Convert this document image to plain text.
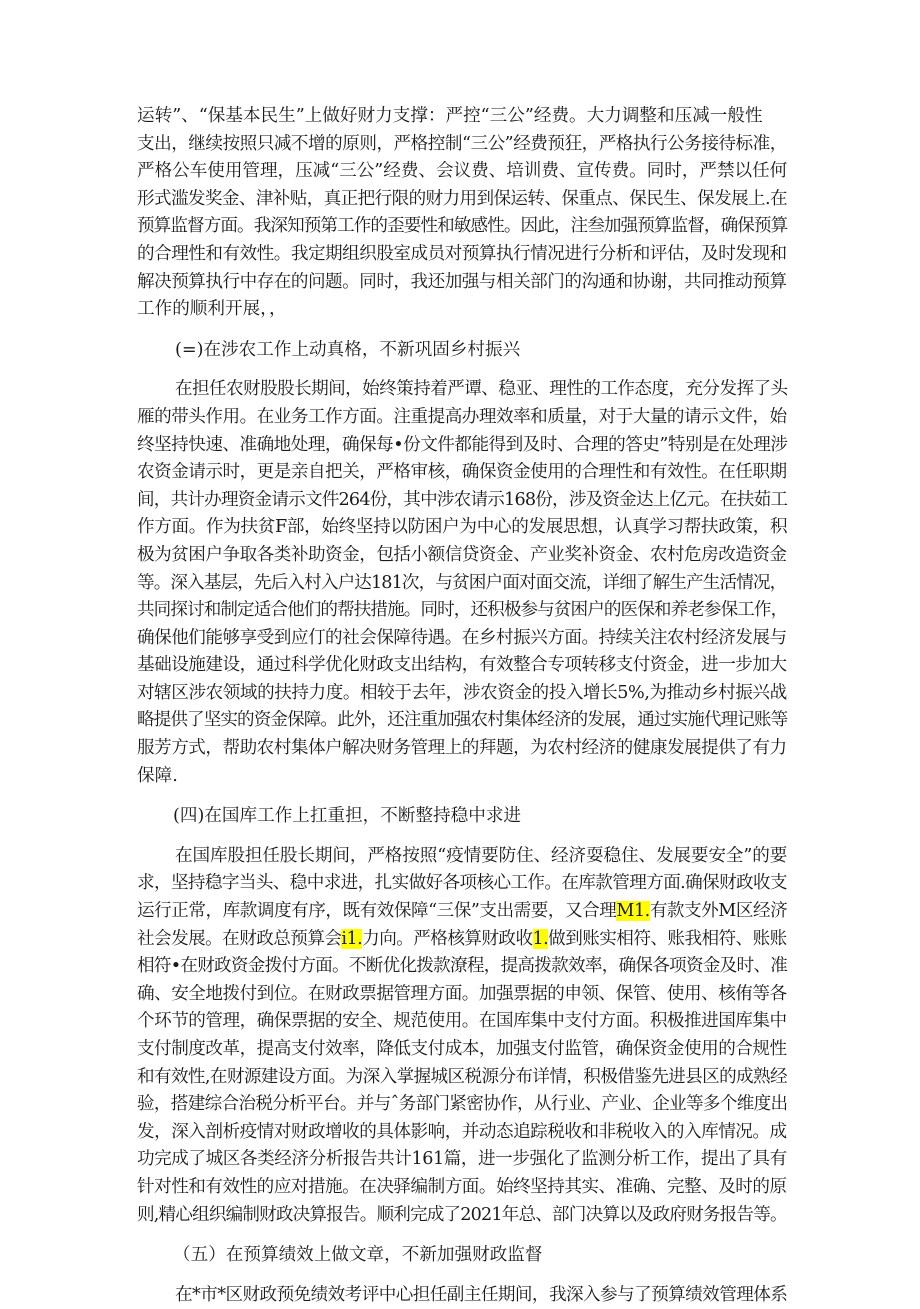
运转”、“保基本民生”上做好财力支撑：严控“三公”经费。大力调整和压减一般性
支出，继续按照只减不增的原则，严格控制“三公”经费预狂，严格执行公务接待标准，
严格公车使用管理，压减“三公”经费、会议费、培训费、宣传费。同时，严禁以任何
形式滥发奖金、津补贴，真正把行限的财力用到保运转、保重点、保民生、保发展上.在
预算监督方面。我深知预第工作的歪要性和敏感性。因此，注叁加强预算监督，确保预算
的合理性和有效性。我定期组织股室成员对预算执行情况进行分析和评估，及时发现和
解决预算执行中存在的问题。同时，我还加强与相关部门的沟通和协谢，共同推动预算
工作的顺利开展，，

(=)在涉农工作上动真格，不新巩固乡村振兴

在担任农财股股长期间，始终策持着严谭、稳亚、理性的工作态度，充分发挥了头
雁的带头作用。在业务工作方面。注重提高办理效率和质量，对于大量的请示文件，始
终坚持快速、准确地处理，确保每•份文件都能得到及时、合理的答史”特别是在处理涉
农资金请示时，更是亲自把关，严格审核，确保资金使用的合理性和有效性。在任职期
间，共计办理资金请示文件264份，其中涉农请示168份，涉及资金达上亿元。在扶茹工
作方面。作为扶贫F部，始终坚持以防困户为中心的发展思想，认真学习帮扶政策，积
极为贫困户争取各类补助资金，包括小额信贷资金、产业奖补资金、农村危房改造资金
等。深入基层，先后入村入户达181次，与贫困户面对面交流，详细了解生产生活情况，
共同探讨和制定适合他们的帮扶措施。同时，还积极参与贫困户的医保和养老参保工作，
确保他们能够享受到应仃的社会保障待遇。在乡村振兴方面。持续关注农村经济发展与
基础设施建设，通过科学优化财政支出结构，有效整合专项转移支付资金，进一步加大
对辖区涉农领域的扶持力度。相较于去年，涉农资金的投入增长5%,为推动乡村振兴战
略提供了坚实的资金保障。此外，还注重加强农村集体经济的发展，通过实施代理记账等
服芳方式，帮助农村集体户解决财务管理上的拜题，为农村经济的健康发展提供了有力
保障.

(四)在国库工作上扛重担，不断整持稳中求进

在国库股担任股长期间，严格按照“疫情要防住、经济耍稳住、发展要安全”的要
求，坚持稳字当头、稳中求进，扎实做好各项核心工作。在库款管理方面.确保财政收支
运行正常，库款调度有序，既有效保障“三保”支出需要，又合理M1.有款支外M区经济
社会发展。在财政总预算会i1.力向。严格核算财政收1.做到账实相符、账我相符、账账
相符•在财政资金拨付方面。不断优化拨款潦程，提高拨款效率，确保各项资金及时、准
确、安全地拨付到位。在财政票据管理方面。加强票据的申领、保管、使用、核侑等各
个环节的管理，确保票据的安全、规范使用。在国库集中支付方面。积极推进国库集中
支付制度改革，提高支付效率，降低支付成本，加强支付监管，确保资金使用的合规性
和有效性,在财源建设方面。为深入掌握城区税源分布详情，积极借鉴先进县区的成熟经
验，搭建综合治税分析平台。并与ˆ务部门紧密协作，从行业、产业、企业等多个维度出
发，深入剖析疫情对财政增收的具体影响，并动态追踪税收和非税收入的入库情况。成
功完成了城区各类经济分析报告共计161篇，进一步强化了监测分析工作，提出了具有
针对性和有效性的应对措施。在决驿编制方面。始终坚持其实、准确、完整、及时的原
则,精心组织编制财政决算报告。顺利完成了2021年总、部门决算以及政府财务报告等。

（五）在预算绩效上做文章，不新加强财政监督

在*市*区财政预免绩效考评中心担任副主任期间，我深入参与了预算绩效管理体系
